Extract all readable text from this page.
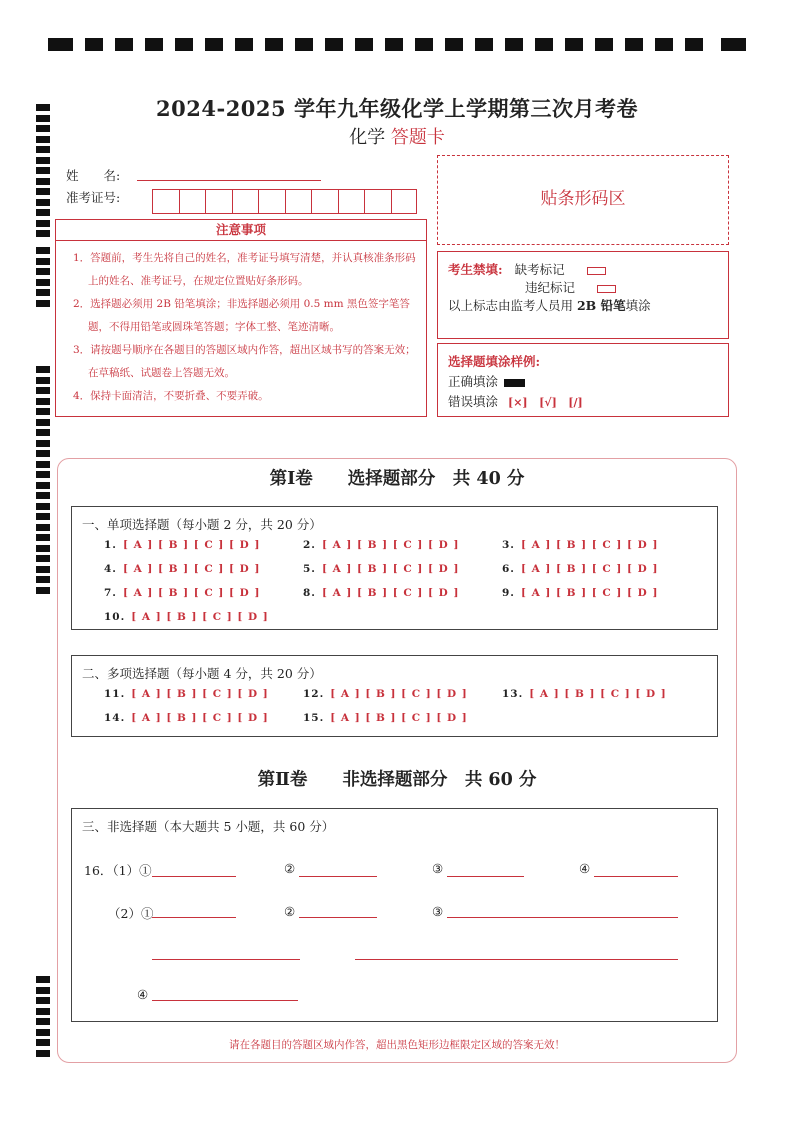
2024-2025 学年九年级化学上学期第三次月考卷
化学 答题卡
姓　　名:
准考证号:
注意事项

1．答题前，考生先将自己的姓名，准考证号填写清楚，并认真核准条形码上的姓名、准考证号，在规定位置贴好条形码。

2．选择题必须用 2B 铅笔填涂；非选择题必须用 0.5 mm 黑色签字笔答题，不得用铅笔或圆珠笔答题；字体工整、笔迹清晰。

3．请按题号顺序在各题目的答题区域内作答，超出区域书写的答案无效；在草稿纸、试题卷上答题无效。

4．保持卡面清洁，不要折叠、不要弄破。

贴条形码区
考生禁填: 缺考标记
违纪标记
以上标志由监考人员用 2B 铅笔填涂
选择题填涂样例:
正确填涂
错误填涂 [×]   [√]   [/]
第Ⅰ卷　　选择题部分　共 40 分
一、单项选择题（每小题 2 分，共 20 分）
1. [ A ] [ B ] [ C ] [ D ]	2. [ A ] [ B ] [ C ] [ D ]	3. [ A ] [ B ] [ C ] [ D ]
4. [ A ] [ B ] [ C ] [ D ]	5. [ A ] [ B ] [ C ] [ D ]	6. [ A ] [ B ] [ C ] [ D ]
7. [ A ] [ B ] [ C ] [ D ]	8. [ A ] [ B ] [ C ] [ D ]	9. [ A ] [ B ] [ C ] [ D ]
10. [ A ] [ B ] [ C ] [ D ]
二、多项选择题（每小题 4 分，共 20 分）
11. [ A ] [ B ] [ C ] [ D ]	12. [ A ] [ B ] [ C ] [ D ]	13. [ A ] [ B ] [ C ] [ D ]
14. [ A ] [ B ] [ C ] [ D ]	15. [ A ] [ B ] [ C ] [ D ]
第Ⅱ卷　　非选择题部分　共 60 分
三、非选择题（本大题共 5 小题，共 60 分）
16．（1）①	②	③	④
（2）①	②	③
④
请在各题目的答题区域内作答，超出黑色矩形边框限定区域的答案无效！
